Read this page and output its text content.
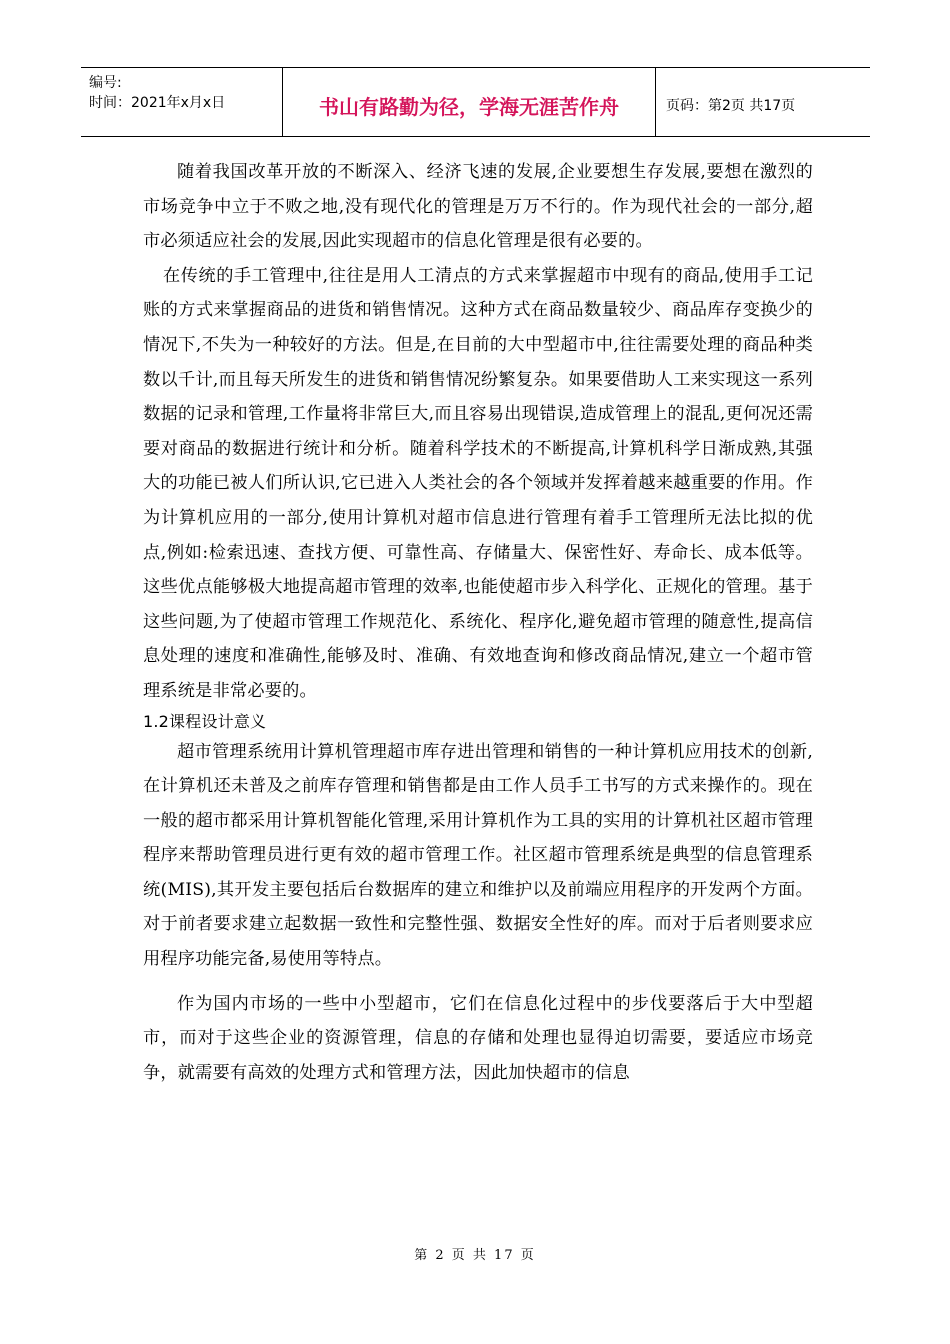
编号:
时间：2021年x月x日	书山有路勤为径，学海无涯苦作舟	页码：第2页 共17页

随着我国改革开放的不断深入、经济飞速的发展,企业要想生存发展,要想在激烈的市场竞争中立于不败之地,没有现代化的管理是万万不行的。作为现代社会的一部分,超市必须适应社会的发展,因此实现超市的信息化管理是很有必要的。

在传统的手工管理中,往往是用人工清点的方式来掌握超市中现有的商品,使用手工记账的方式来掌握商品的进货和销售情况。这种方式在商品数量较少、商品库存变换少的情况下,不失为一种较好的方法。但是,在目前的大中型超市中,往往需要处理的商品种类数以千计,而且每天所发生的进货和销售情况纷繁复杂。如果要借助人工来实现这一系列数据的记录和管理,工作量将非常巨大,而且容易出现错误,造成管理上的混乱,更何况还需要对商品的数据进行统计和分析。随着科学技术的不断提高,计算机科学日渐成熟,其强大的功能已被人们所认识,它已进入人类社会的各个领域并发挥着越来越重要的作用。作为计算机应用的一部分,使用计算机对超市信息进行管理有着手工管理所无法比拟的优点,例如:检索迅速、查找方便、可靠性高、存储量大、保密性好、寿命长、成本低等。这些优点能够极大地提高超市管理的效率,也能使超市步入科学化、正规化的管理。基于这些问题,为了使超市管理工作规范化、系统化、程序化,避免超市管理的随意性,提高信息处理的速度和准确性,能够及时、准确、有效地查询和修改商品情况,建立一个超市管理系统是非常必要的。

1.2课程设计意义

超市管理系统用计算机管理超市库存进出管理和销售的一种计算机应用技术的创新,在计算机还未普及之前库存管理和销售都是由工作人员手工书写的方式来操作的。现在一般的超市都采用计算机智能化管理,采用计算机作为工具的实用的计算机社区超市管理程序来帮助管理员进行更有效的超市管理工作。社区超市管理系统是典型的信息管理系统(MIS),其开发主要包括后台数据库的建立和维护以及前端应用程序的开发两个方面。对于前者要求建立起数据一致性和完整性强、数据安全性好的库。而对于后者则要求应用程序功能完备,易使用等特点。

作为国内市场的一些中小型超市，它们在信息化过程中的步伐要落后于大中型超市，而对于这些企业的资源管理，信息的存储和处理也显得迫切需要，要适应市场竞争，就需要有高效的处理方式和管理方法，因此加快超市的信息

第 2 页 共 17 页
